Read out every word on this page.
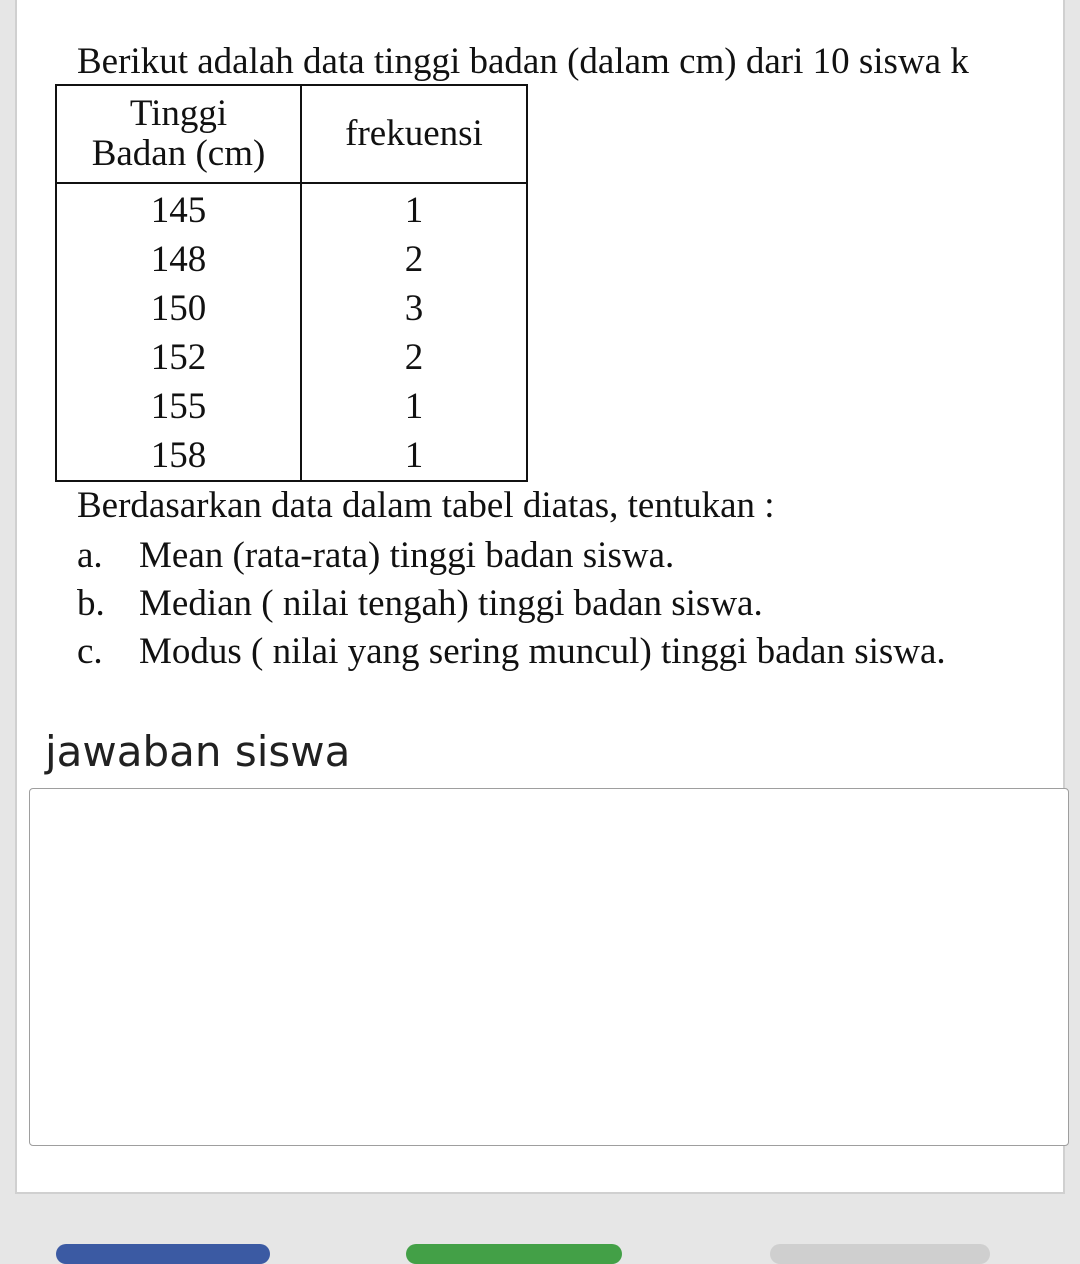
Berikut adalah data tinggi badan (dalam cm) dari 10 siswa k

Tinggi Badan (cm)	frekuensi
145	1
148	2
150	3
152	2
155	1
158	1

Berdasarkan data dalam tabel diatas, tentukan :

a. Mean (rata-rata) tinggi badan siswa.
b. Median ( nilai tengah) tinggi badan siswa.
c. Modus ( nilai yang sering muncul) tinggi badan siswa.

jawaban siswa
